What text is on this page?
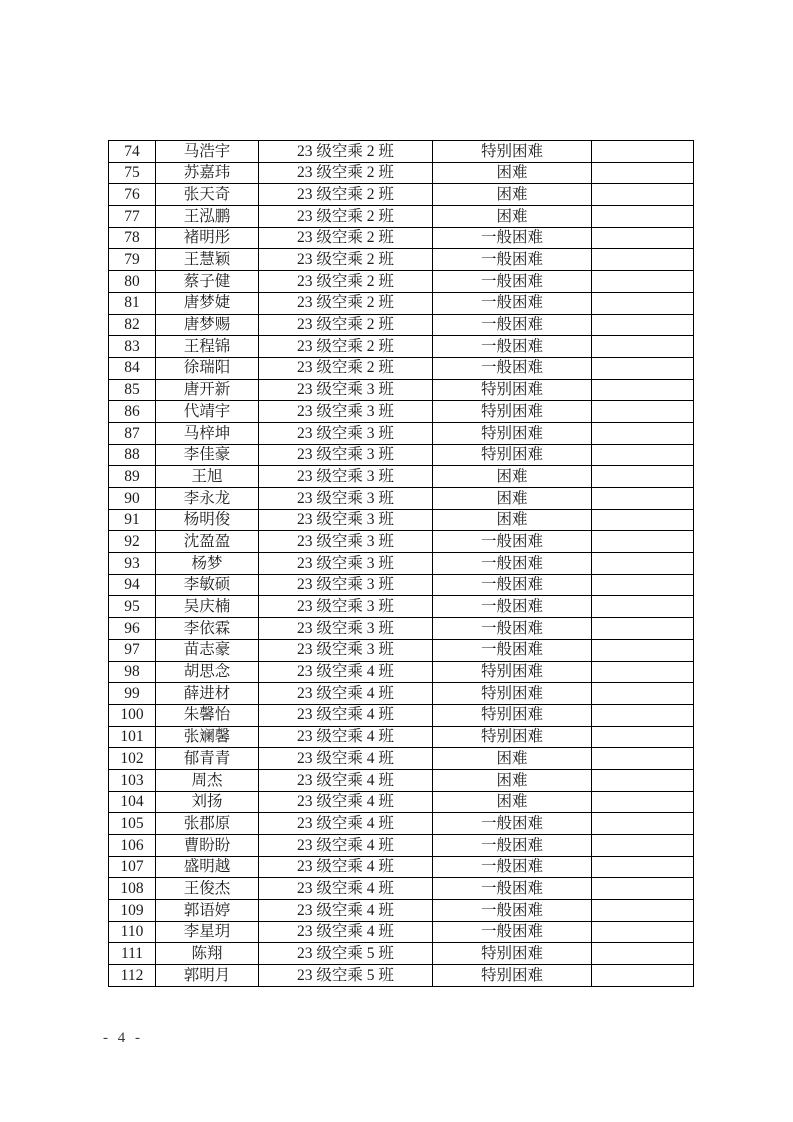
74	马浩宇	23 级空乘 2 班	特别困难	
75	苏嘉玮	23 级空乘 2 班	困难	
76	张天奇	23 级空乘 2 班	困难	
77	王泓鹏	23 级空乘 2 班	困难	
78	褚明彤	23 级空乘 2 班	一般困难	
79	王慧颖	23 级空乘 2 班	一般困难	
80	蔡子健	23 级空乘 2 班	一般困难	
81	唐梦婕	23 级空乘 2 班	一般困难	
82	唐梦赐	23 级空乘 2 班	一般困难	
83	王程锦	23 级空乘 2 班	一般困难	
84	徐瑞阳	23 级空乘 2 班	一般困难	
85	唐开新	23 级空乘 3 班	特别困难	
86	代靖宇	23 级空乘 3 班	特别困难	
87	马梓坤	23 级空乘 3 班	特别困难	
88	李佳豪	23 级空乘 3 班	特别困难	
89	王旭	23 级空乘 3 班	困难	
90	李永龙	23 级空乘 3 班	困难	
91	杨明俊	23 级空乘 3 班	困难	
92	沈盈盈	23 级空乘 3 班	一般困难	
93	杨梦	23 级空乘 3 班	一般困难	
94	李敏硕	23 级空乘 3 班	一般困难	
95	吴庆楠	23 级空乘 3 班	一般困难	
96	李依霖	23 级空乘 3 班	一般困难	
97	苗志豪	23 级空乘 3 班	一般困难	
98	胡思念	23 级空乘 4 班	特别困难	
99	薛进材	23 级空乘 4 班	特别困难	
100	朱馨怡	23 级空乘 4 班	特别困难	
101	张斓馨	23 级空乘 4 班	特别困难	
102	郁青青	23 级空乘 4 班	困难	
103	周杰	23 级空乘 4 班	困难	
104	刘扬	23 级空乘 4 班	困难	
105	张郡原	23 级空乘 4 班	一般困难	
106	曹盼盼	23 级空乘 4 班	一般困难	
107	盛明越	23 级空乘 4 班	一般困难	
108	王俊杰	23 级空乘 4 班	一般困难	
109	郭语婷	23 级空乘 4 班	一般困难	
110	李星玥	23 级空乘 4 班	一般困难	
111	陈翔	23 级空乘 5 班	特别困难	
112	郭明月	23 级空乘 5 班	特别困难	
- 4 -
